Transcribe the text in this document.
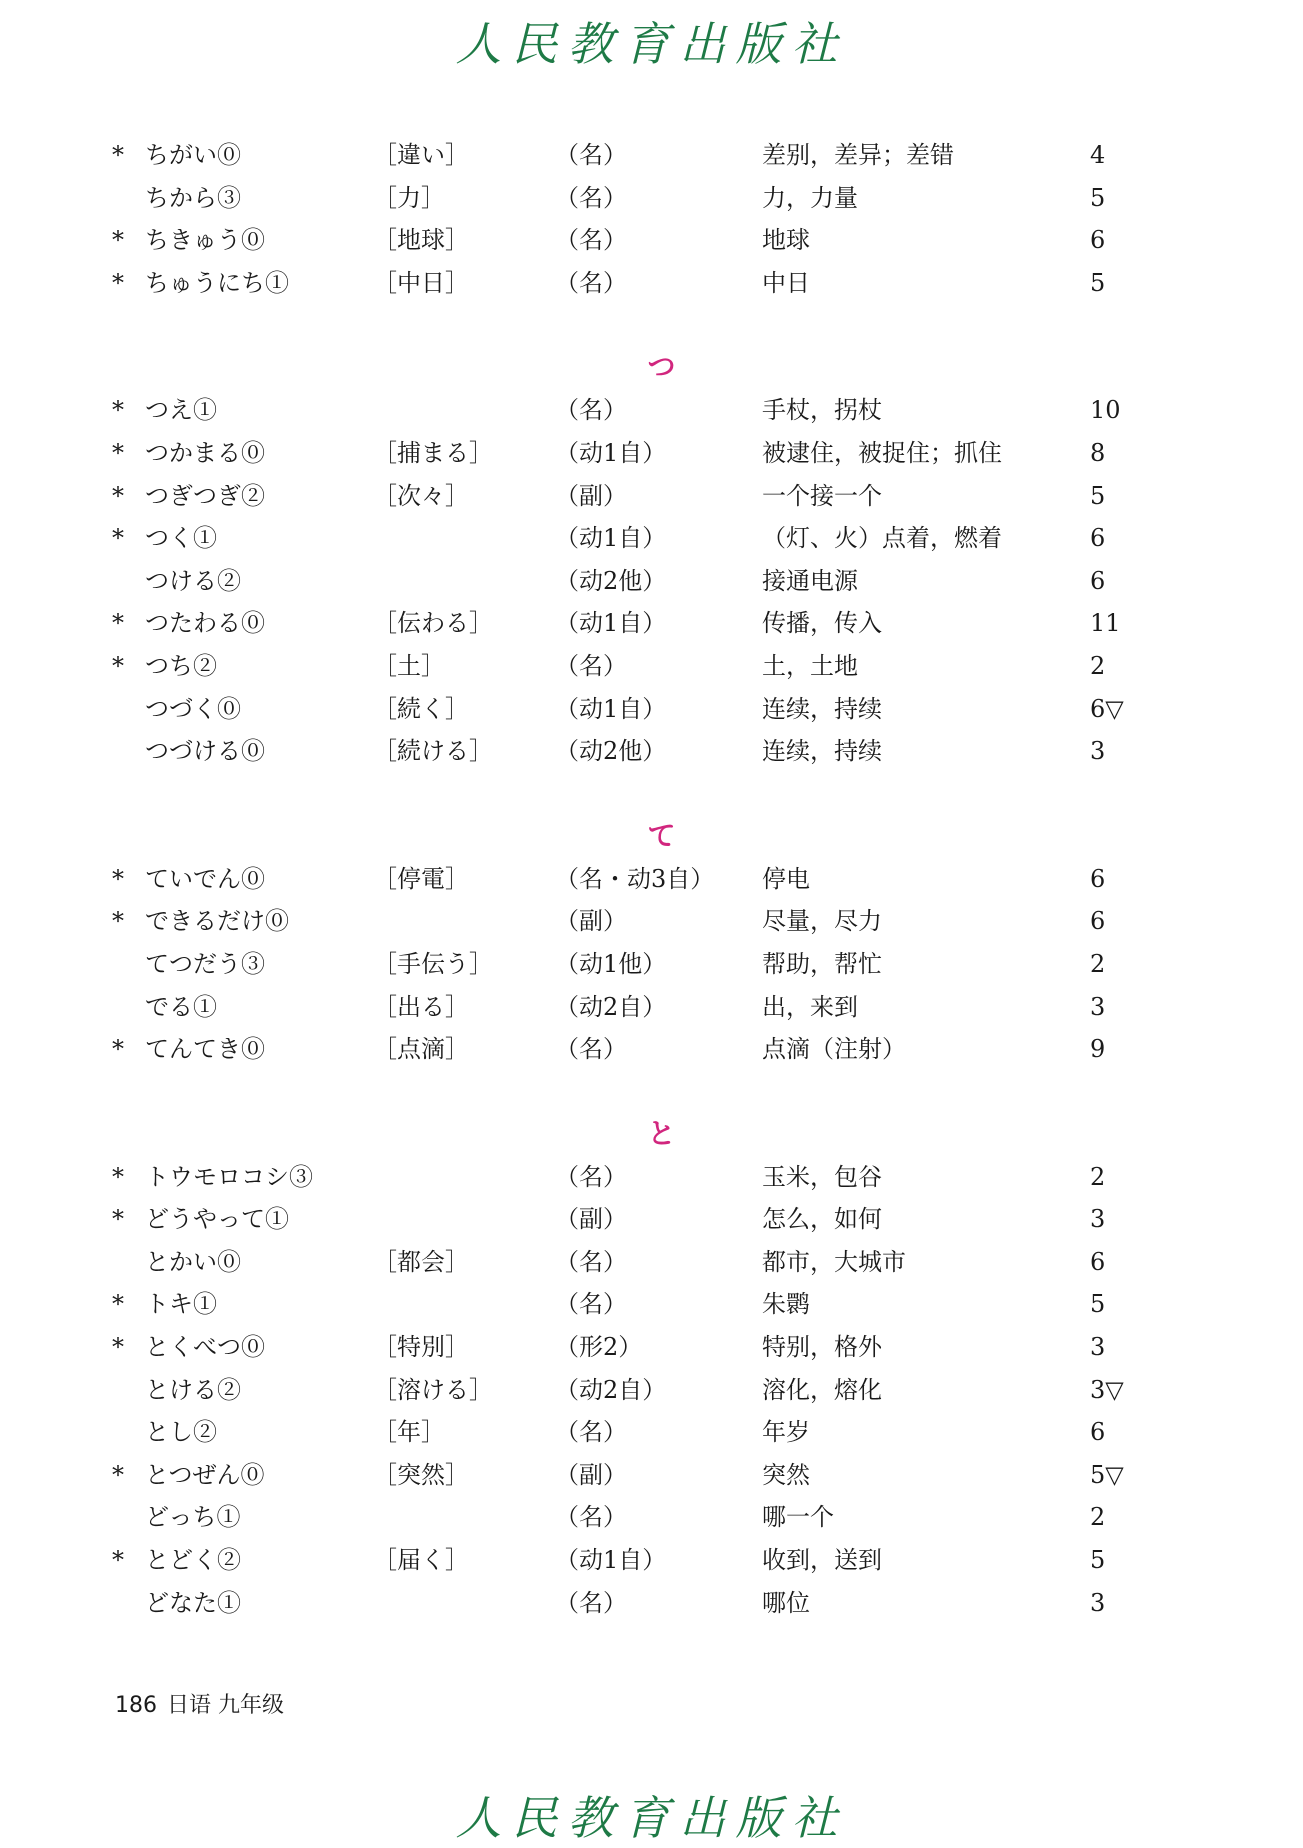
人民教育出版社
* ちがい⓪	［違い］	（名）	差别，差异；差错	4
ちから③	［力］	（名）	力，力量	5
* ちきゅう⓪	［地球］	（名）	地球	6
* ちゅうにち①	［中日］	（名）	中日	5
つ
* つえ①	（名）	手杖，拐杖	10
* つかまる⓪	［捕まる］	（动1自）	被逮住，被捉住；抓住	8
* つぎつぎ②	［次々］	（副）	一个接一个	5
* つく①	（动1自）	（灯、火）点着，燃着	6
つける②	（动2他）	接通电源	6
* つたわる⓪	［伝わる］	（动1自）	传播，传入	11
* つち②	［土］	（名）	土，土地	2
つづく⓪	［続く］	（动1自）	连续，持续	6▽
つづける⓪	［続ける］	（动2他）	连续，持续	3
て
* ていでん⓪	［停電］	（名・动3自） 停电	6
* できるだけ⓪	（副）	尽量，尽力	6
てつだう③	［手伝う］	（动1他）	帮助，帮忙	2
でる①	［出る］	（动2自）	出，来到	3
* てんてき⓪	［点滴］	（名）	点滴（注射）	9
と
* トウモロコシ③	（名）	玉米，包谷	2
* どうやって①	（副）	怎么，如何	3
とかい⓪	［都会］	（名）	都市，大城市	6
* トキ①	（名）	朱鹮	5
* とくべつ⓪	［特別］	（形2）	特别，格外	3
とける②	［溶ける］	（动2自）	溶化，熔化	3▽
とし②	［年］	（名）	年岁	6
* とつぜん⓪	［突然］	（副）	突然	5▽
どっち①	（名）	哪一个	2
* とどく②	［届く］	（动1自）	收到，送到	5
どなた①	（名）	哪位	3
186 日语 九年级
人民教育出版社
